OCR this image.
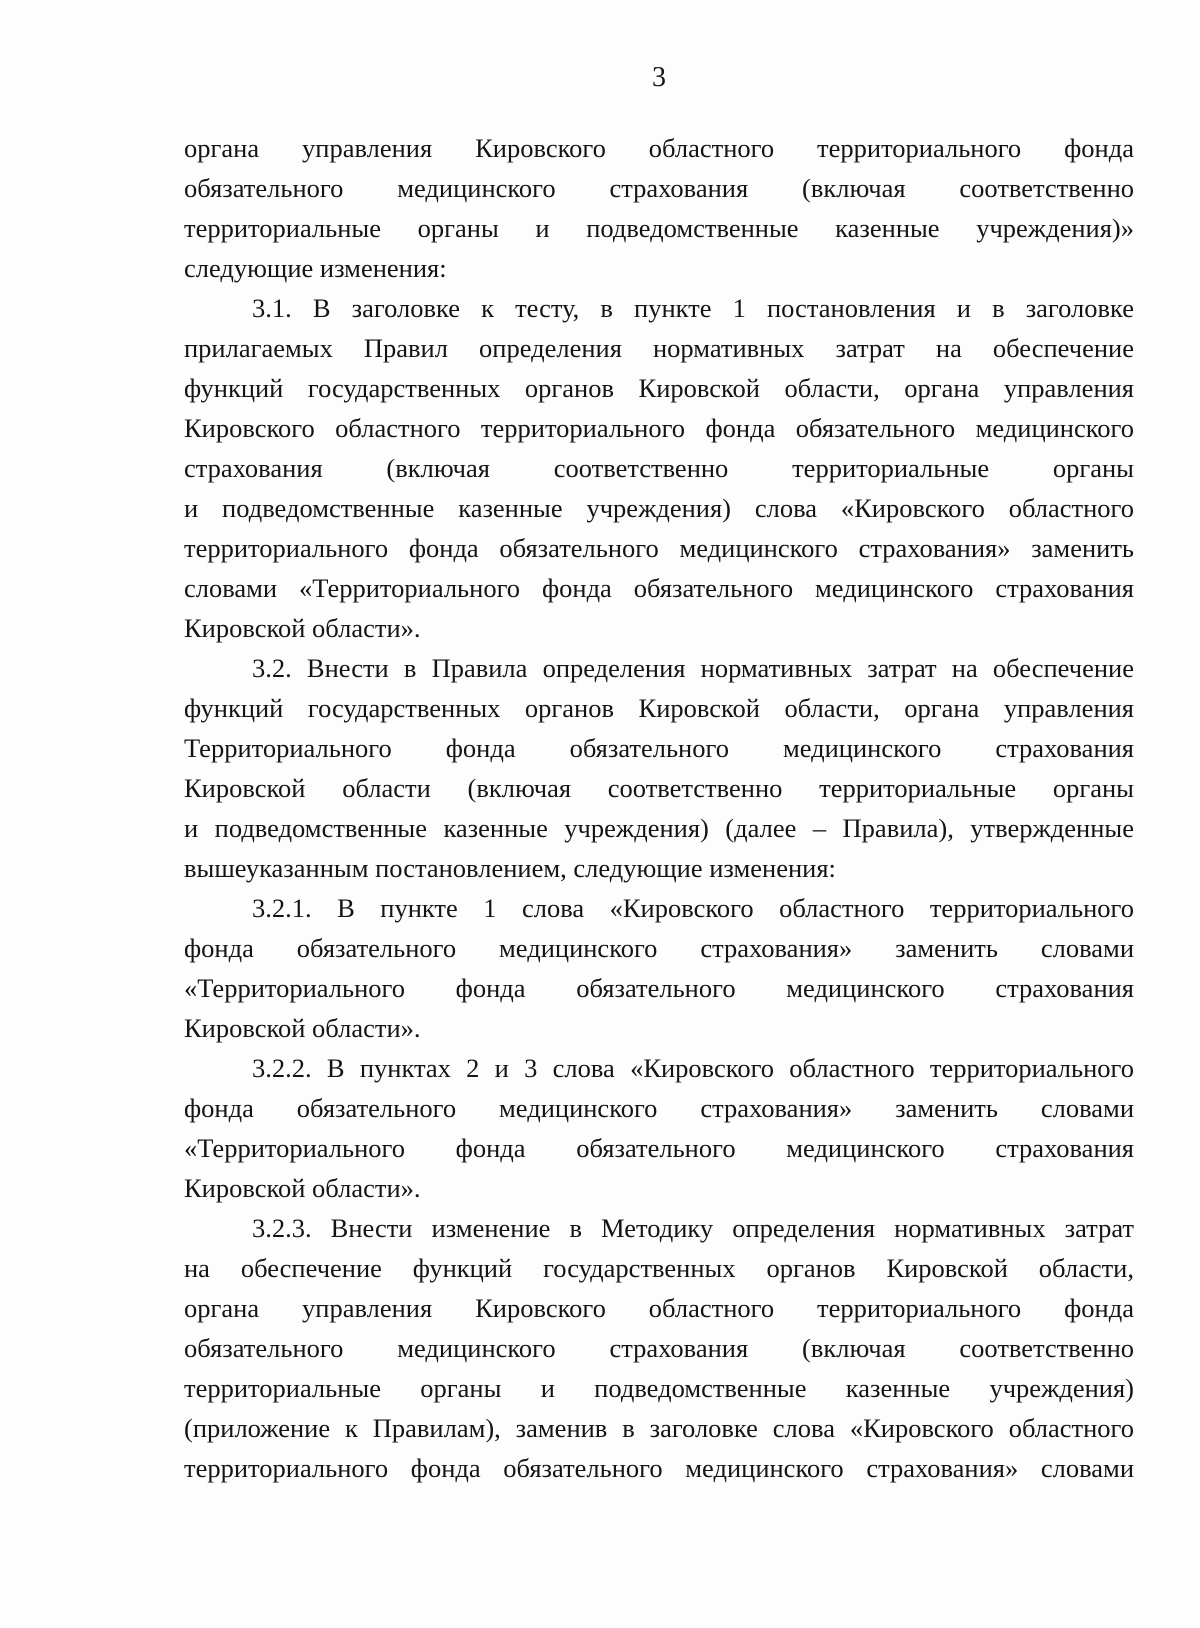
3
органа управления Кировского областного территориального фонда
обязательного медицинского страхования (включая соответственно
территориальные органы и подведомственные казенные учреждения)»
следующие изменения:
3.1. В заголовке к тесту, в пункте 1 постановления и в заголовке
прилагаемых Правил определения нормативных затрат на обеспечение
функций государственных органов Кировской области, органа управления
Кировского областного территориального фонда обязательного медицинского
страхования (включая соответственно территориальные органы
и подведомственные казенные учреждения) слова «Кировского областного
территориального фонда обязательного медицинского страхования» заменить
словами «Территориального фонда обязательного медицинского страхования
Кировской области».
3.2. Внести в Правила определения нормативных затрат на обеспечение
функций государственных органов Кировской области, органа управления
Территориального фонда обязательного медицинского страхования
Кировской области (включая соответственно территориальные органы
и подведомственные казенные учреждения) (далее – Правила), утвержденные
вышеуказанным постановлением, следующие изменения:
3.2.1. В пункте 1 слова «Кировского областного территориального
фонда обязательного медицинского страхования» заменить словами
«Территориального фонда обязательного медицинского страхования
Кировской области».
3.2.2. В пунктах 2 и 3 слова «Кировского областного территориального
фонда обязательного медицинского страхования» заменить словами
«Территориального фонда обязательного медицинского страхования
Кировской области».
3.2.3. Внести изменение в Методику определения нормативных затрат
на обеспечение функций государственных органов Кировской области,
органа управления Кировского областного территориального фонда
обязательного медицинского страхования (включая соответственно
территориальные органы и подведомственные казенные учреждения)
(приложение к Правилам), заменив в заголовке слова «Кировского областного
территориального фонда обязательного медицинского страхования» словами
